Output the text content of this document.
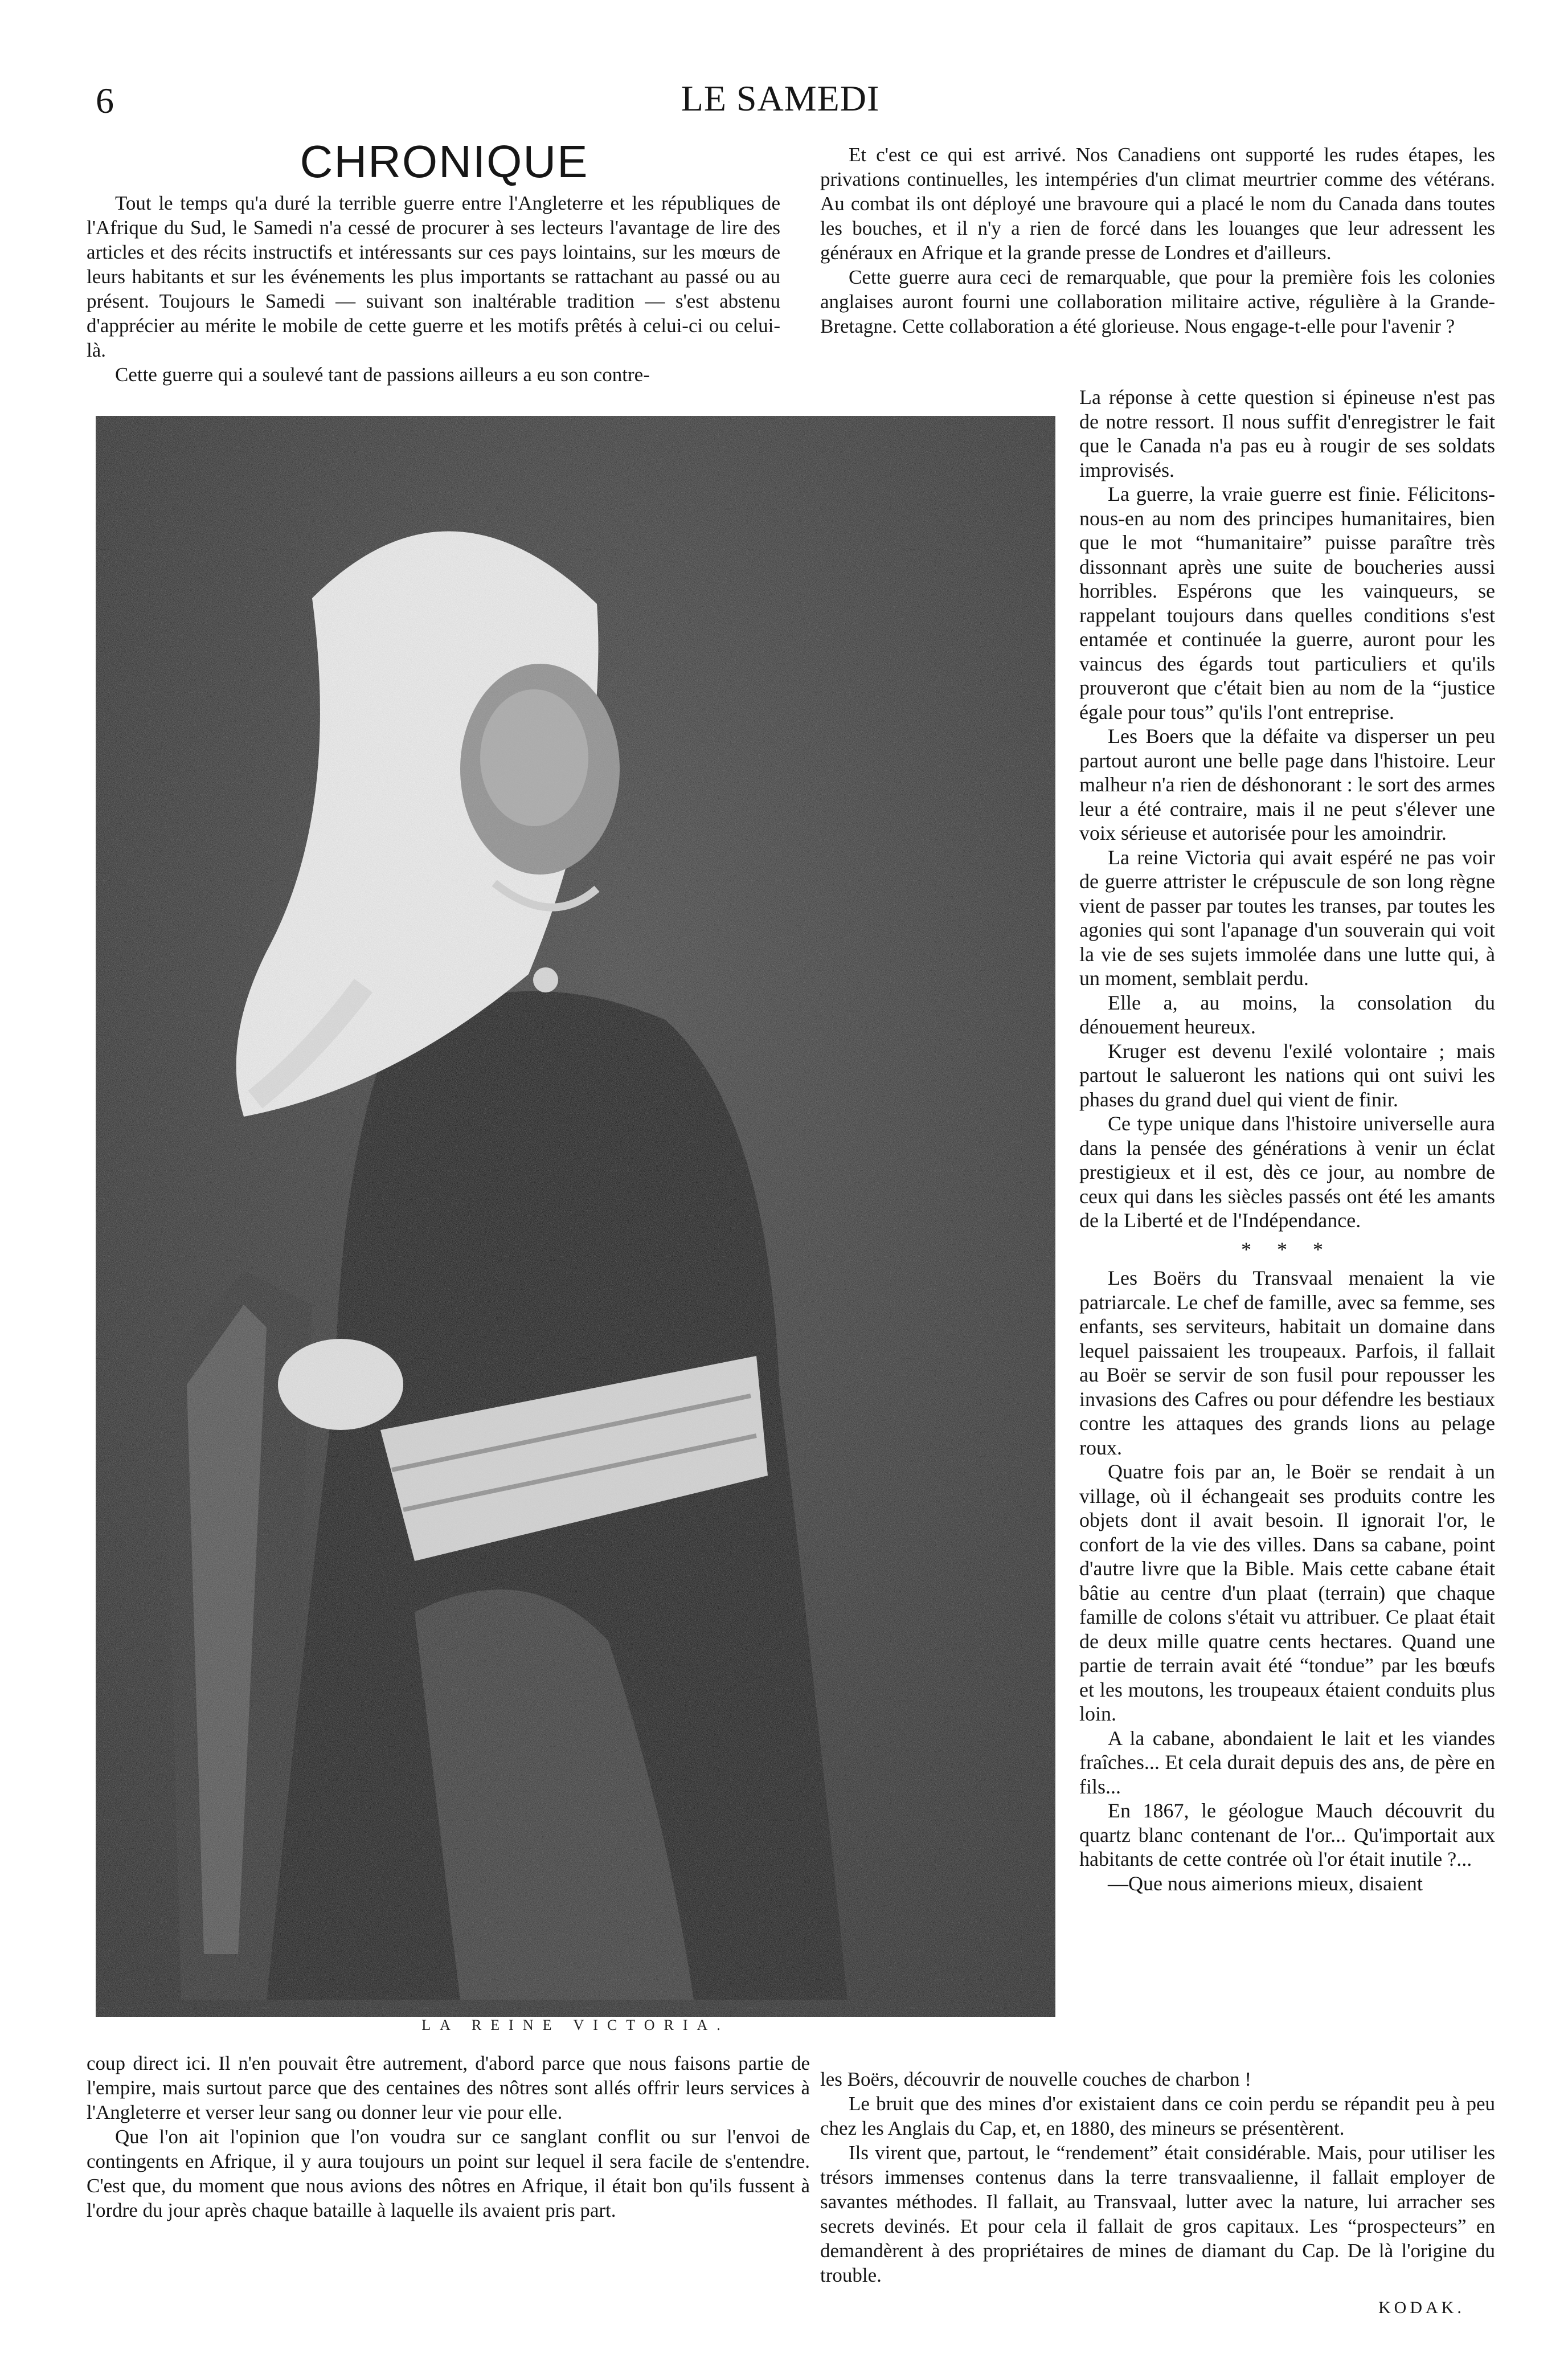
6	LE SAMEDI
CHRONIQUE

Tout le temps qu'a duré la terrible guerre entre l'Angleterre et les républiques de l'Afrique du Sud, le Samedi n'a cessé de procurer à ses lecteurs l'avantage de lire des articles et des récits instructifs et intéressants sur ces pays lointains, sur les mœurs de leurs habitants et sur les événements les plus importants se rattachant au passé ou au présent. Toujours le Samedi — suivant son inaltérable tradition — s'est abstenu d'apprécier au mérite le mobile de cette guerre et les motifs prêtés à celui-ci ou celui-là.

Cette guerre qui a soulevé tant de passions ailleurs a eu son contre-

LA REINE VICTORIA.

coup direct ici. Il n'en pouvait être autrement, d'abord parce que nous faisons partie de l'empire, mais surtout parce que des centaines des nôtres sont allés offrir leurs services à l'Angleterre et verser leur sang ou donner leur vie pour elle.

Que l'on ait l'opinion que l'on voudra sur ce sanglant conflit ou sur l'envoi de contingents en Afrique, il y aura toujours un point sur lequel il sera facile de s'entendre. C'est que, du moment que nous avions des nôtres en Afrique, il était bon qu'ils fussent à l'ordre du jour après chaque bataille à laquelle ils avaient pris part.

Et c'est ce qui est arrivé. Nos Canadiens ont supporté les rudes étapes, les privations continuelles, les intempéries d'un climat meurtrier comme des vétérans. Au combat ils ont déployé une bravoure qui a placé le nom du Canada dans toutes les bouches, et il n'y a rien de forcé dans les louanges que leur adressent les généraux en Afrique et la grande presse de Londres et d'ailleurs.

Cette guerre aura ceci de remarquable, que pour la première fois les colonies anglaises auront fourni une collaboration militaire active, régulière à la Grande-Bretagne. Cette collaboration a été glorieuse. Nous engage-t-elle pour l'avenir ?

La réponse à cette question si épineuse n'est pas de notre ressort. Il nous suffit d'enregistrer le fait que le Canada n'a pas eu à rougir de ses soldats improvisés.

La guerre, la vraie guerre est finie. Félicitons-nous-en au nom des principes humanitaires, bien que le mot “humanitaire” puisse paraître très dissonnant après une suite de boucheries aussi horribles. Espérons que les vainqueurs, se rappelant toujours dans quelles conditions s'est entamée et continuée la guerre, auront pour les vaincus des égards tout particuliers et qu'ils prouveront que c'était bien au nom de la “justice égale pour tous” qu'ils l'ont entreprise.

Les Boers que la défaite va disperser un peu partout auront une belle page dans l'histoire. Leur malheur n'a rien de déshonorant : le sort des armes leur a été contraire, mais il ne peut s'élever une voix sérieuse et autorisée pour les amoindrir.

La reine Victoria qui avait espéré ne pas voir de guerre attrister le crépuscule de son long règne vient de passer par toutes les transes, par toutes les agonies qui sont l'apanage d'un souverain qui voit la vie de ses sujets immolée dans une lutte qui, à un moment, semblait perdu.

Elle a, au moins, la consolation du dénouement heureux.

Kruger est devenu l'exilé volontaire ; mais partout le salueront les nations qui ont suivi les phases du grand duel qui vient de finir.

Ce type unique dans l'histoire universelle aura dans la pensée des générations à venir un éclat prestigieux et il est, dès ce jour, au nombre de ceux qui dans les siècles passés ont été les amants de la Liberté et de l'Indépendance.

* * *

Les Boërs du Transvaal menaient la vie patriarcale. Le chef de famille, avec sa femme, ses enfants, ses serviteurs, habitait un domaine dans lequel paissaient les troupeaux. Parfois, il fallait au Boër se servir de son fusil pour repousser les invasions des Cafres ou pour défendre les bestiaux contre les attaques des grands lions au pelage roux.

Quatre fois par an, le Boër se rendait à un village, où il échangeait ses produits contre les objets dont il avait besoin. Il ignorait l'or, le confort de la vie des villes. Dans sa cabane, point d'autre livre que la Bible. Mais cette cabane était bâtie au centre d'un plaat (terrain) que chaque famille de colons s'était vu attribuer. Ce plaat était de deux mille quatre cents hectares. Quand une partie de terrain avait été “tondue” par les bœufs et les moutons, les troupeaux étaient conduits plus loin.

A la cabane, abondaient le lait et les viandes fraîches... Et cela durait depuis des ans, de père en fils...

En 1867, le géologue Mauch découvrit du quartz blanc contenant de l'or... Qu'importait aux habitants de cette contrée où l'or était inutile ?...

—Que nous aimerions mieux, disaient

les Boërs, découvrir de nouvelle couches de charbon !

Le bruit que des mines d'or existaient dans ce coin perdu se répandit peu à peu chez les Anglais du Cap, et, en 1880, des mineurs se présentèrent.

Ils virent que, partout, le “rendement” était considérable. Mais, pour utiliser les trésors immenses contenus dans la terre transvaalienne, il fallait employer de savantes méthodes. Il fallait, au Transvaal, lutter avec la nature, lui arracher ses secrets devinés. Et pour cela il fallait de gros capitaux. Les “prospecteurs” en demandèrent à des propriétaires de mines de diamant du Cap. De là l'origine du trouble.

KODAK.
